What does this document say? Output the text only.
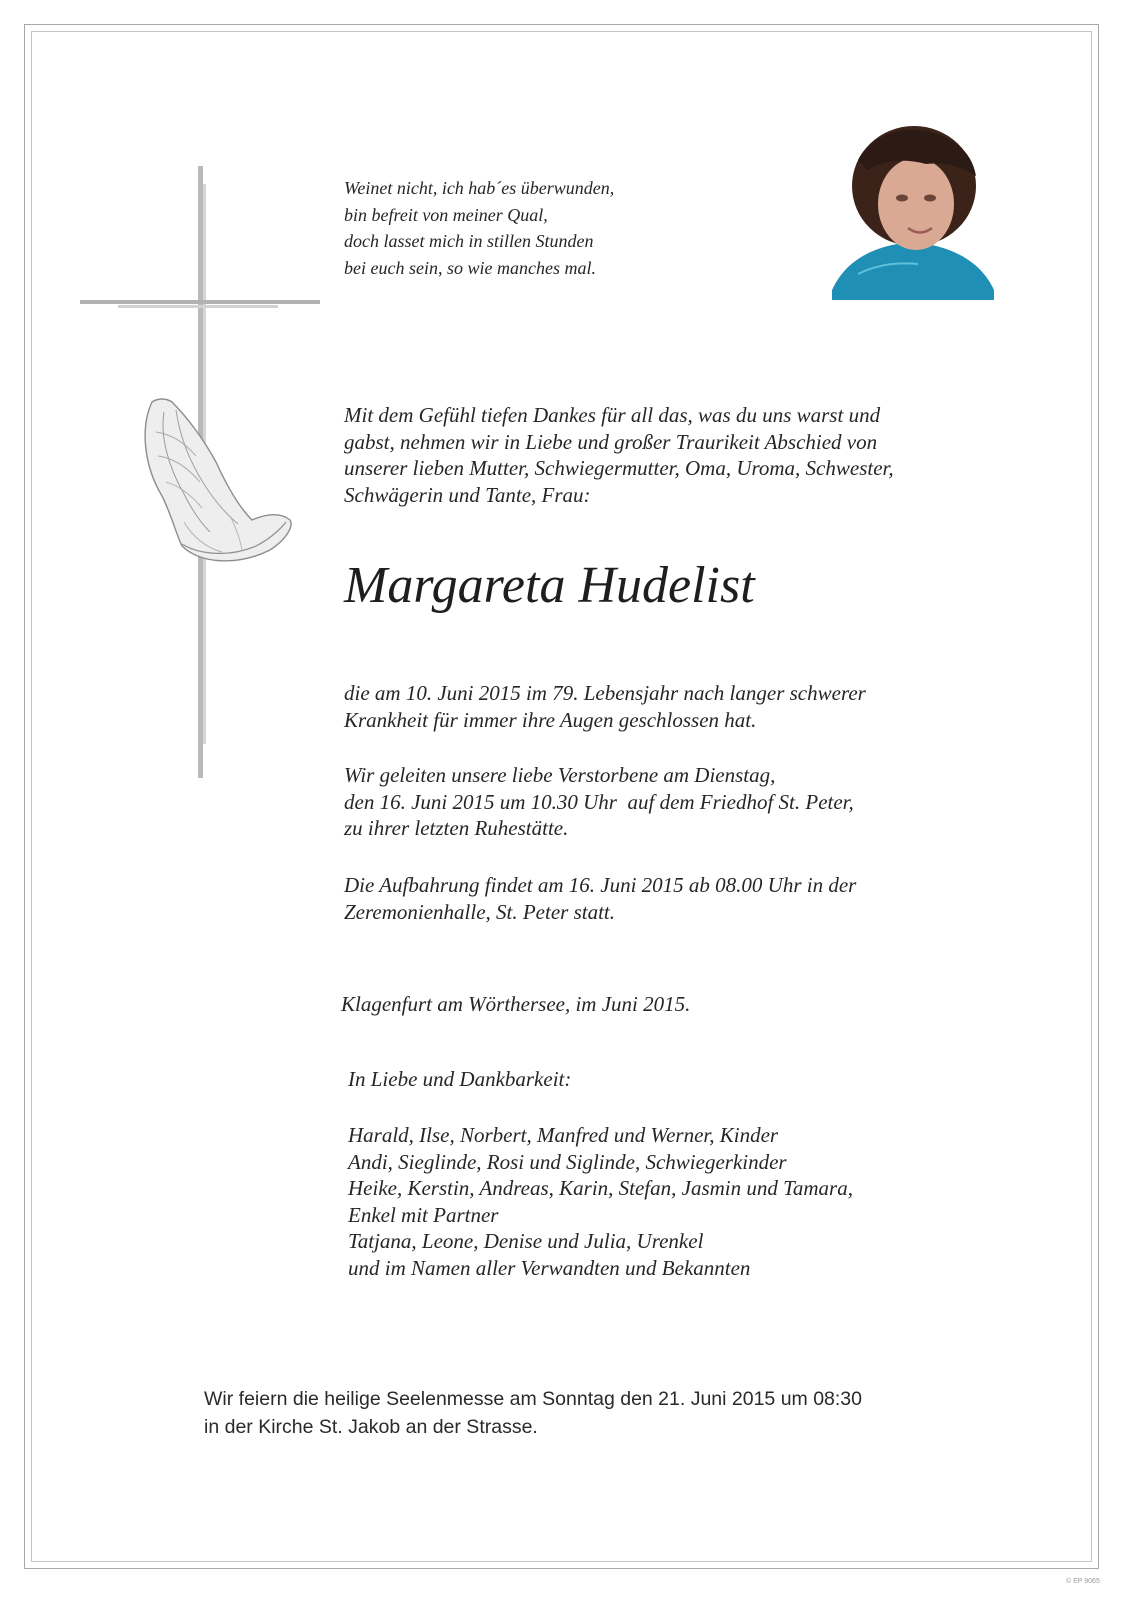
Weinet nicht, ich hab´es überwunden,
bin befreit von meiner Qual,
doch lasset mich in stillen Stunden
bei euch sein, so wie manches mal.
Mit dem Gefühl tiefen Dankes für all das, was du uns warst und
gabst, nehmen wir in Liebe und großer Traurikeit Abschied von
unserer lieben Mutter, Schwiegermutter, Oma, Uroma, Schwester,
Schwägerin und Tante, Frau:
Margareta Hudelist
die am 10. Juni 2015 im 79. Lebensjahr nach langer schwerer
Krankheit für immer ihre Augen geschlossen hat.
Wir geleiten unsere liebe Verstorbene am Dienstag,
den 16. Juni 2015 um 10.30 Uhr  auf dem Friedhof St. Peter,
zu ihrer letzten Ruhestätte.
Die Aufbahrung findet am 16. Juni 2015 ab 08.00 Uhr in der
Zeremonienhalle, St. Peter statt.
Klagenfurt am Wörthersee, im Juni 2015.
In Liebe und Dankbarkeit:
Harald, Ilse, Norbert, Manfred und Werner, Kinder
Andi, Sieglinde, Rosi und Siglinde, Schwiegerkinder
Heike, Kerstin, Andreas, Karin, Stefan, Jasmin und Tamara,
Enkel mit Partner
Tatjana, Leone, Denise und Julia, Urenkel
und im Namen aller Verwandten und Bekannten
Wir feiern die heilige Seelenmesse am Sonntag den 21. Juni 2015 um 08:30
in der Kirche St. Jakob an der Strasse.
© EP 9065
